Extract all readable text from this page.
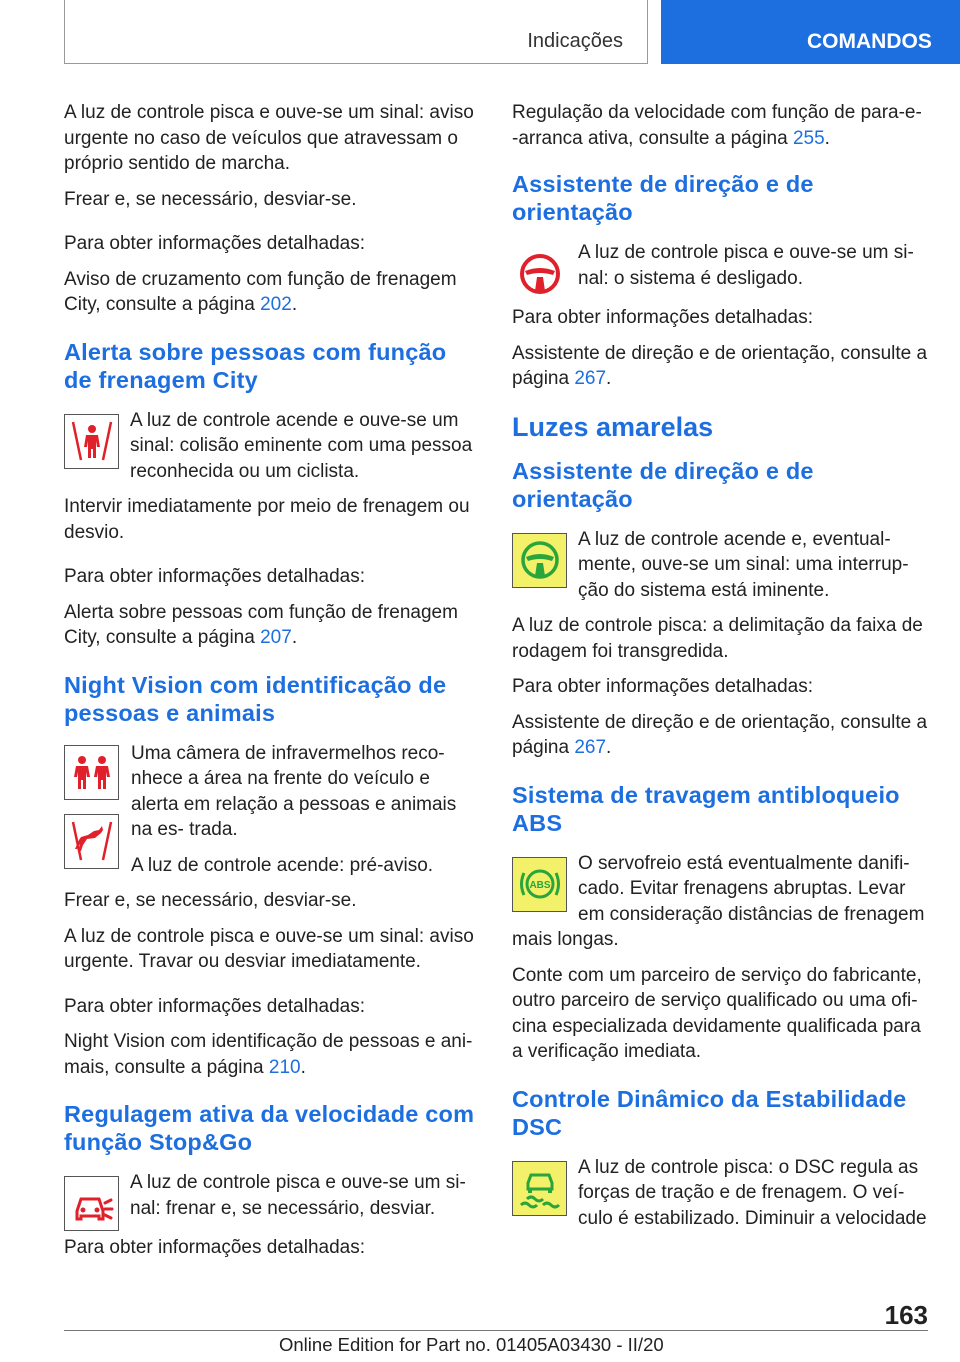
Indicações	COMANDOS

A luz de controle pisca e ouve-se um sinal: aviso urgente no caso de veículos que atravessam o próprio sentido de marcha.

Frear e, se necessário, desviar-se.

Para obter informações detalhadas:

Aviso de cruzamento com função de frenagem City, consulte a página 202.

Alerta sobre pessoas com função de frenagem City

A luz de controle acende e ouve-se um sinal: colisão eminente com uma pessoa reconhecida ou um ciclista.

Intervir imediatamente por meio de frenagem ou desvio.

Para obter informações detalhadas:

Alerta sobre pessoas com função de frenagem City, consulte a página 207.

Night Vision com identificação de pessoas e animais

Uma câmera de infravermelhos reco- nhece a área na frente do veículo e alerta em relação a pessoas e animais na es- trada.

A luz de controle acende: pré-aviso.

Frear e, se necessário, desviar-se.

A luz de controle pisca e ouve-se um sinal: aviso urgente. Travar ou desviar imediatamente.

Para obter informações detalhadas:

Night Vision com identificação de pessoas e ani- mais, consulte a página 210.

Regulagem ativa da velocidade com função Stop&Go

A luz de controle pisca e ouve-se um si- nal: frenar e, se necessário, desviar.

Para obter informações detalhadas:

Regulação da velocidade com função de para-e- -arranca ativa, consulte a página 255.

Assistente de direção e de orientação

A luz de controle pisca e ouve-se um si- nal: o sistema é desligado.

Para obter informações detalhadas:

Assistente de direção e de orientação, consulte a página 267.

Luzes amarelas
Assistente de direção e de orientação

A luz de controle acende e, eventual- mente, ouve-se um sinal: uma interrup- ção do sistema está iminente.

A luz de controle pisca: a delimitação da faixa de rodagem foi transgredida.

Para obter informações detalhadas:

Assistente de direção e de orientação, consulte a página 267.

Sistema de travagem antibloqueio ABS
ABS

O servofreio está eventualmente danifi- cado. Evitar frenagens abruptas. Levar em consideração distâncias de frenagem mais longas.

Conte com um parceiro de serviço do fabricante, outro parceiro de serviço qualificado ou uma ofi- cina especializada devidamente qualificada para a verificação imediata.

Controle Dinâmico da Estabilidade DSC

A luz de controle pisca: o DSC regula as forças de tração e de frenagem. O veí- culo é estabilizado. Diminuir a velocidade

163
Online Edition for Part no. 01405A03430 - II/20
